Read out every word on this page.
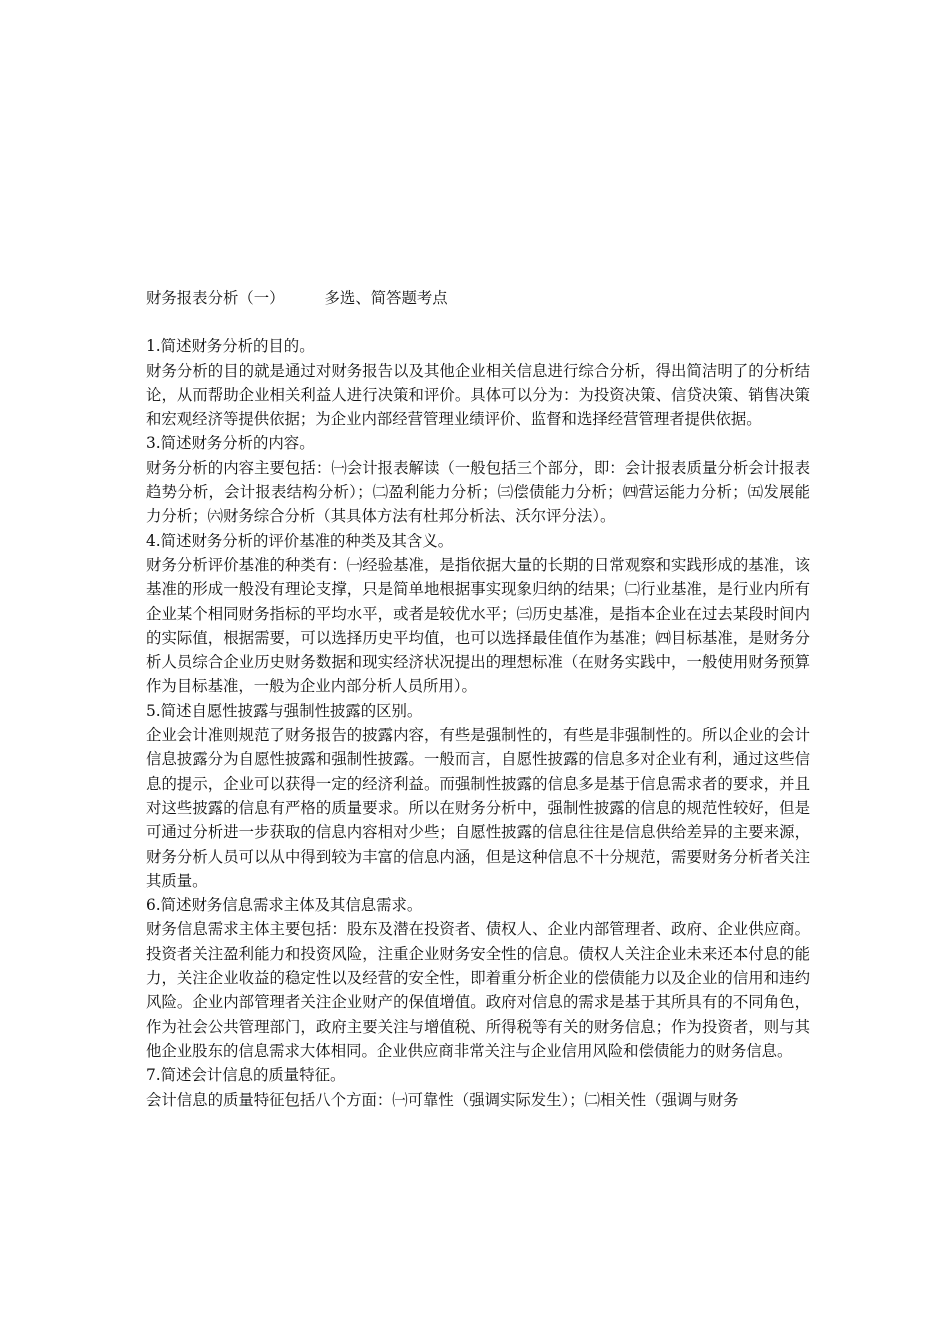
财务报表分析（一）	多选、简答题考点

1.简述财务分析的目的。

财务分析的目的就是通过对财务报告以及其他企业相关信息进行综合分析，得出简洁明了的分析结论，从而帮助企业相关利益人进行决策和评价。具体可以分为：为投资决策、信贷决策、销售决策和宏观经济等提供依据；为企业内部经营管理业绩评价、监督和选择经营管理者提供依据。

3.简述财务分析的内容。

财务分析的内容主要包括：㈠会计报表解读（一般包括三个部分，即：会计报表质量分析会计报表趋势分析，会计报表结构分析）；㈡盈利能力分析；㈢偿债能力分析；㈣营运能力分析；㈤发展能力分析；㈥财务综合分析（其具体方法有杜邦分析法、沃尔评分法）。

4.简述财务分析的评价基准的种类及其含义。

财务分析评价基准的种类有：㈠经验基准，是指依据大量的长期的日常观察和实践形成的基准，该基准的形成一般没有理论支撑，只是简单地根据事实现象归纳的结果；㈡行业基准，是行业内所有企业某个相同财务指标的平均水平，或者是较优水平；㈢历史基准，是指本企业在过去某段时间内的实际值，根据需要，可以选择历史平均值，也可以选择最佳值作为基准；㈣目标基准，是财务分析人员综合企业历史财务数据和现实经济状况提出的理想标准（在财务实践中，一般使用财务预算作为目标基准，一般为企业内部分析人员所用）。

5.简述自愿性披露与强制性披露的区别。

企业会计准则规范了财务报告的披露内容，有些是强制性的，有些是非强制性的。所以企业的会计信息披露分为自愿性披露和强制性披露。一般而言，自愿性披露的信息多对企业有利，通过这些信息的提示，企业可以获得一定的经济利益。而强制性披露的信息多是基于信息需求者的要求，并且对这些披露的信息有严格的质量要求。所以在财务分析中，强制性披露的信息的规范性较好，但是可通过分析进一步获取的信息内容相对少些；自愿性披露的信息往往是信息供给差异的主要来源，财务分析人员可以从中得到较为丰富的信息内涵，但是这种信息不十分规范，需要财务分析者关注其质量。

6.简述财务信息需求主体及其信息需求。

财务信息需求主体主要包括：股东及潜在投资者、债权人、企业内部管理者、政府、企业供应商。投资者关注盈利能力和投资风险，注重企业财务安全性的信息。债权人关注企业未来还本付息的能力，关注企业收益的稳定性以及经营的安全性，即着重分析企业的偿债能力以及企业的信用和违约风险。企业内部管理者关注企业财产的保值增值。政府对信息的需求是基于其所具有的不同角色，作为社会公共管理部门，政府主要关注与增值税、所得税等有关的财务信息；作为投资者，则与其他企业股东的信息需求大体相同。企业供应商非常关注与企业信用风险和偿债能力的财务信息。

7.简述会计信息的质量特征。

会计信息的质量特征包括八个方面：㈠可靠性（强调实际发生）；㈡相关性（强调与财务
